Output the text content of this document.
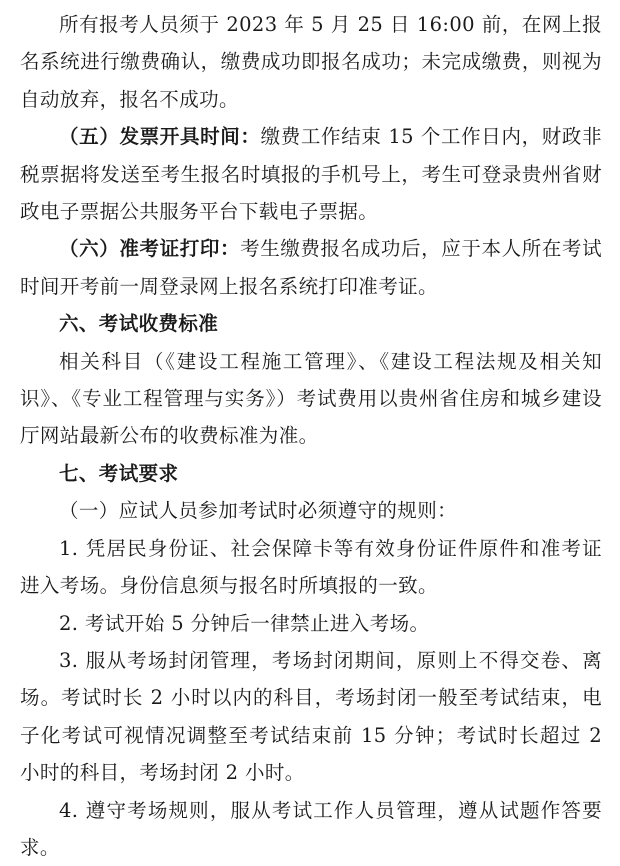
所有报考人员须于 2023 年 5 月 25 日 16:00 前，在网上报名系统进行缴费确认，缴费成功即报名成功；未完成缴费，则视为自动放弃，报名不成功。

（五）发票开具时间：缴费工作结束 15 个工作日内，财政非税票据将发送至考生报名时填报的手机号上，考生可登录贵州省财政电子票据公共服务平台下载电子票据。

（六）准考证打印：考生缴费报名成功后，应于本人所在考试时间开考前一周登录网上报名系统打印准考证。

六、考试收费标准

相关科目（《建设工程施工管理》、《建设工程法规及相关知识》、《专业工程管理与实务》）考试费用以贵州省住房和城乡建设厅网站最新公布的收费标准为准。

七、考试要求

（一）应试人员参加考试时必须遵守的规则：

1. 凭居民身份证、社会保障卡等有效身份证件原件和准考证进入考场。身份信息须与报名时所填报的一致。

2. 考试开始 5 分钟后一律禁止进入考场。

3. 服从考场封闭管理，考场封闭期间，原则上不得交卷、离场。考试时长 2 小时以内的科目，考场封闭一般至考试结束，电子化考试可视情况调整至考试结束前 15 分钟；考试时长超过 2 小时的科目，考场封闭 2 小时。

4. 遵守考场规则，服从考试工作人员管理，遵从试题作答要求。
